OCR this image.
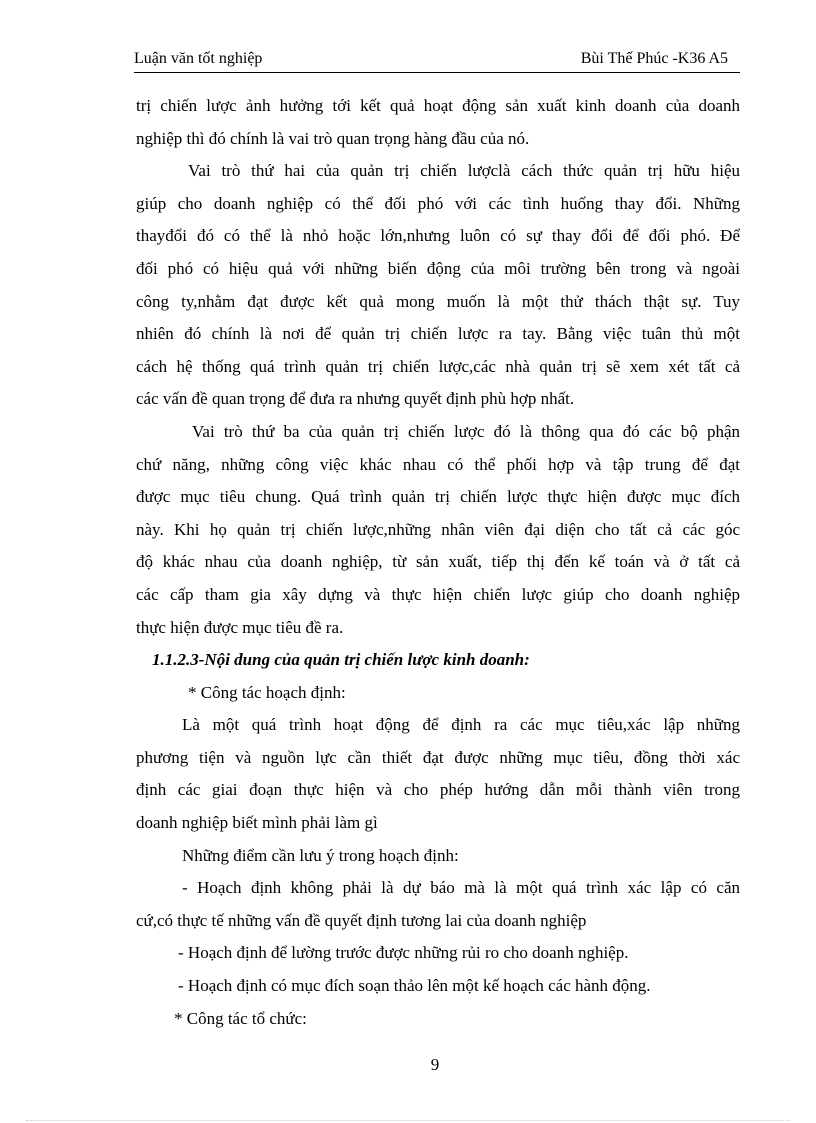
Luận văn tốt nghiệp	Bùi Thế Phúc -K36 A5
trị chiến lược ảnh hưởng tới kết quả hoạt động sản xuất kinh doanh của doanh
nghiệp thì đó chính là vai trò quan trọng hàng đầu của nó.
Vai trò thứ hai của quản trị chiến lượclà cách thức quản trị hữu hiệu
giúp cho doanh nghiệp có thể đối phó với các tình huống thay đổi. Những
thayđổi đó có thể là nhỏ hoặc lớn,nhưng luôn có sự thay đổi để đối phó. Để
đối phó có hiệu quả với những biến động của môi trường bên trong và ngoài
công ty,nhằm đạt được kết quả mong muốn là một thử thách thật sự. Tuy
nhiên đó chính là nơi để quản trị chiến lược ra tay. Bằng việc tuân thủ một
cách hệ thống quá trình quản trị chiến lược,các nhà quản trị sẽ xem xét tất cả
các vấn đề quan trọng để đưa ra nhưng quyết định phù hợp nhất.
Vai trò thứ ba của quản trị chiến lược đó là thông qua đó các bộ phận
chứ năng, những công việc khác nhau có thể phối hợp và tập trung để đạt
được mục tiêu chung. Quá trình quản trị chiến lược thực hiện được mục đích
này. Khi họ quản trị chiến lược,những nhân viên đại diện cho tất cả các góc
độ khác nhau của doanh nghiệp, từ sản xuất, tiếp thị đến kế toán và ở tất cả
các cấp tham gia xây dựng và thực hiện chiến lược giúp cho doanh nghiệp
thực hiện được mục tiêu đề ra.
1.1.2.3-Nội dung của quản trị chiến lược kinh doanh:
* Công tác hoạch định:
Là một quá trình hoạt động để định ra các mục tiêu,xác lập những
phương tiện và nguồn lực cần thiết đạt được những mục tiêu, đồng thời xác
định các giai đoạn thực hiện và cho phép hướng dẫn mỗi thành viên trong
doanh nghiệp biết mình phải làm gì
Những điểm cần lưu ý trong hoạch định:
- Hoạch định không phải là dự báo mà là một quá trình xác lập có căn
cứ,có thực tế những vấn đề quyết định tương lai của doanh nghiệp
- Hoạch định để lường trước được những rủi ro cho doanh nghiệp.
- Hoạch định có mục đích soạn thảo lên một kế hoạch các hành động.
* Công tác tổ chức:
9
